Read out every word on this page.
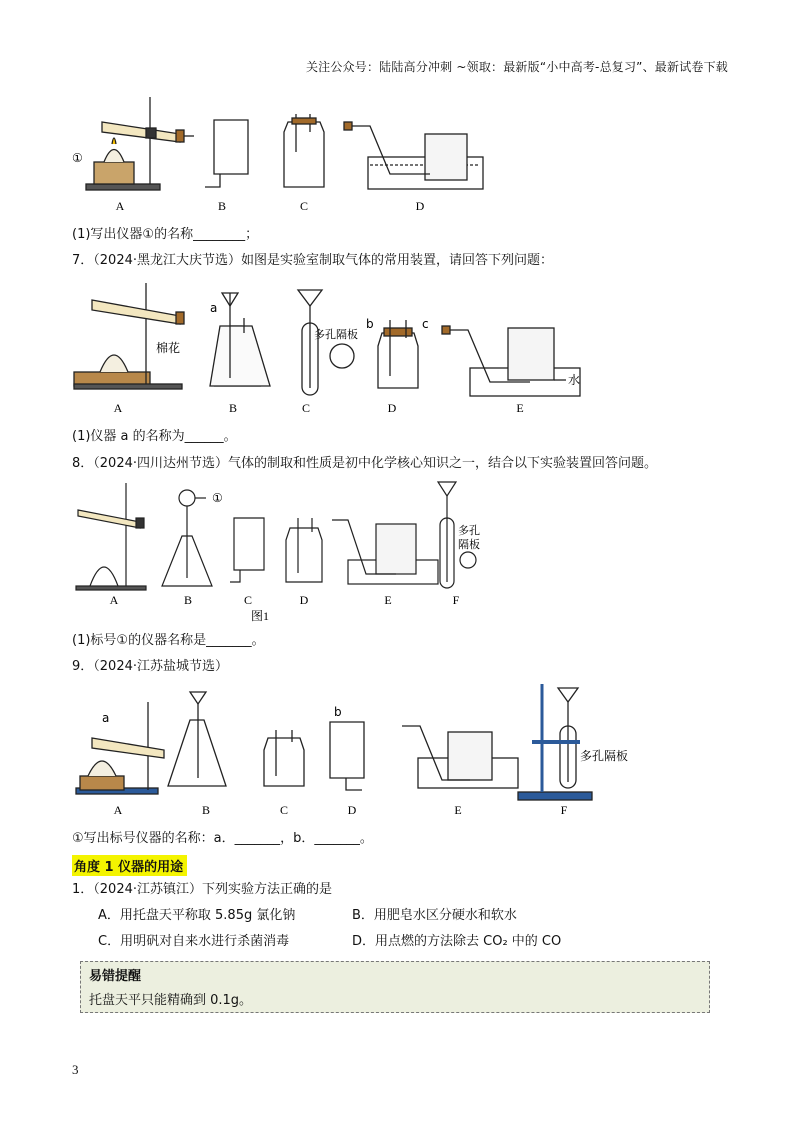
关注公众号：陆陆高分冲刺 ~领取：最新版“小中高考-总复习”、最新试卷下载
①
A	B	C	D
(1)写出仪器①的名称________；
7．（2024·黑龙江大庆节选）如图是实验室制取气体的常用装置，请回答下列问题：
a
棉花
多孔隔板
b	c
水
A	B	C	D	E
(1)仪器 a 的名称为______。
8．（2024·四川达州节选）气体的制取和性质是初中化学核心知识之一，结合以下实验装置回答问题。
①
多孔
隔板
A	B	C	D	E	F
图1
(1)标号①的仪器名称是_______。
9．（2024·江苏盐城节选）
a	b
多孔隔板
A	B	C	D	E	F
①写出标号仪器的名称：a．_______，b．_______。
角度 1 仪器的用途
1．（2024·江苏镇江）下列实验方法正确的是
A．用托盘天平称取 5.85g 氯化钠	B．用肥皂水区分硬水和软水
C．用明矾对自来水进行杀菌消毒	D．用点燃的方法除去 CO₂ 中的 CO
易错提醒
托盘天平只能精确到 0.1g。
3
